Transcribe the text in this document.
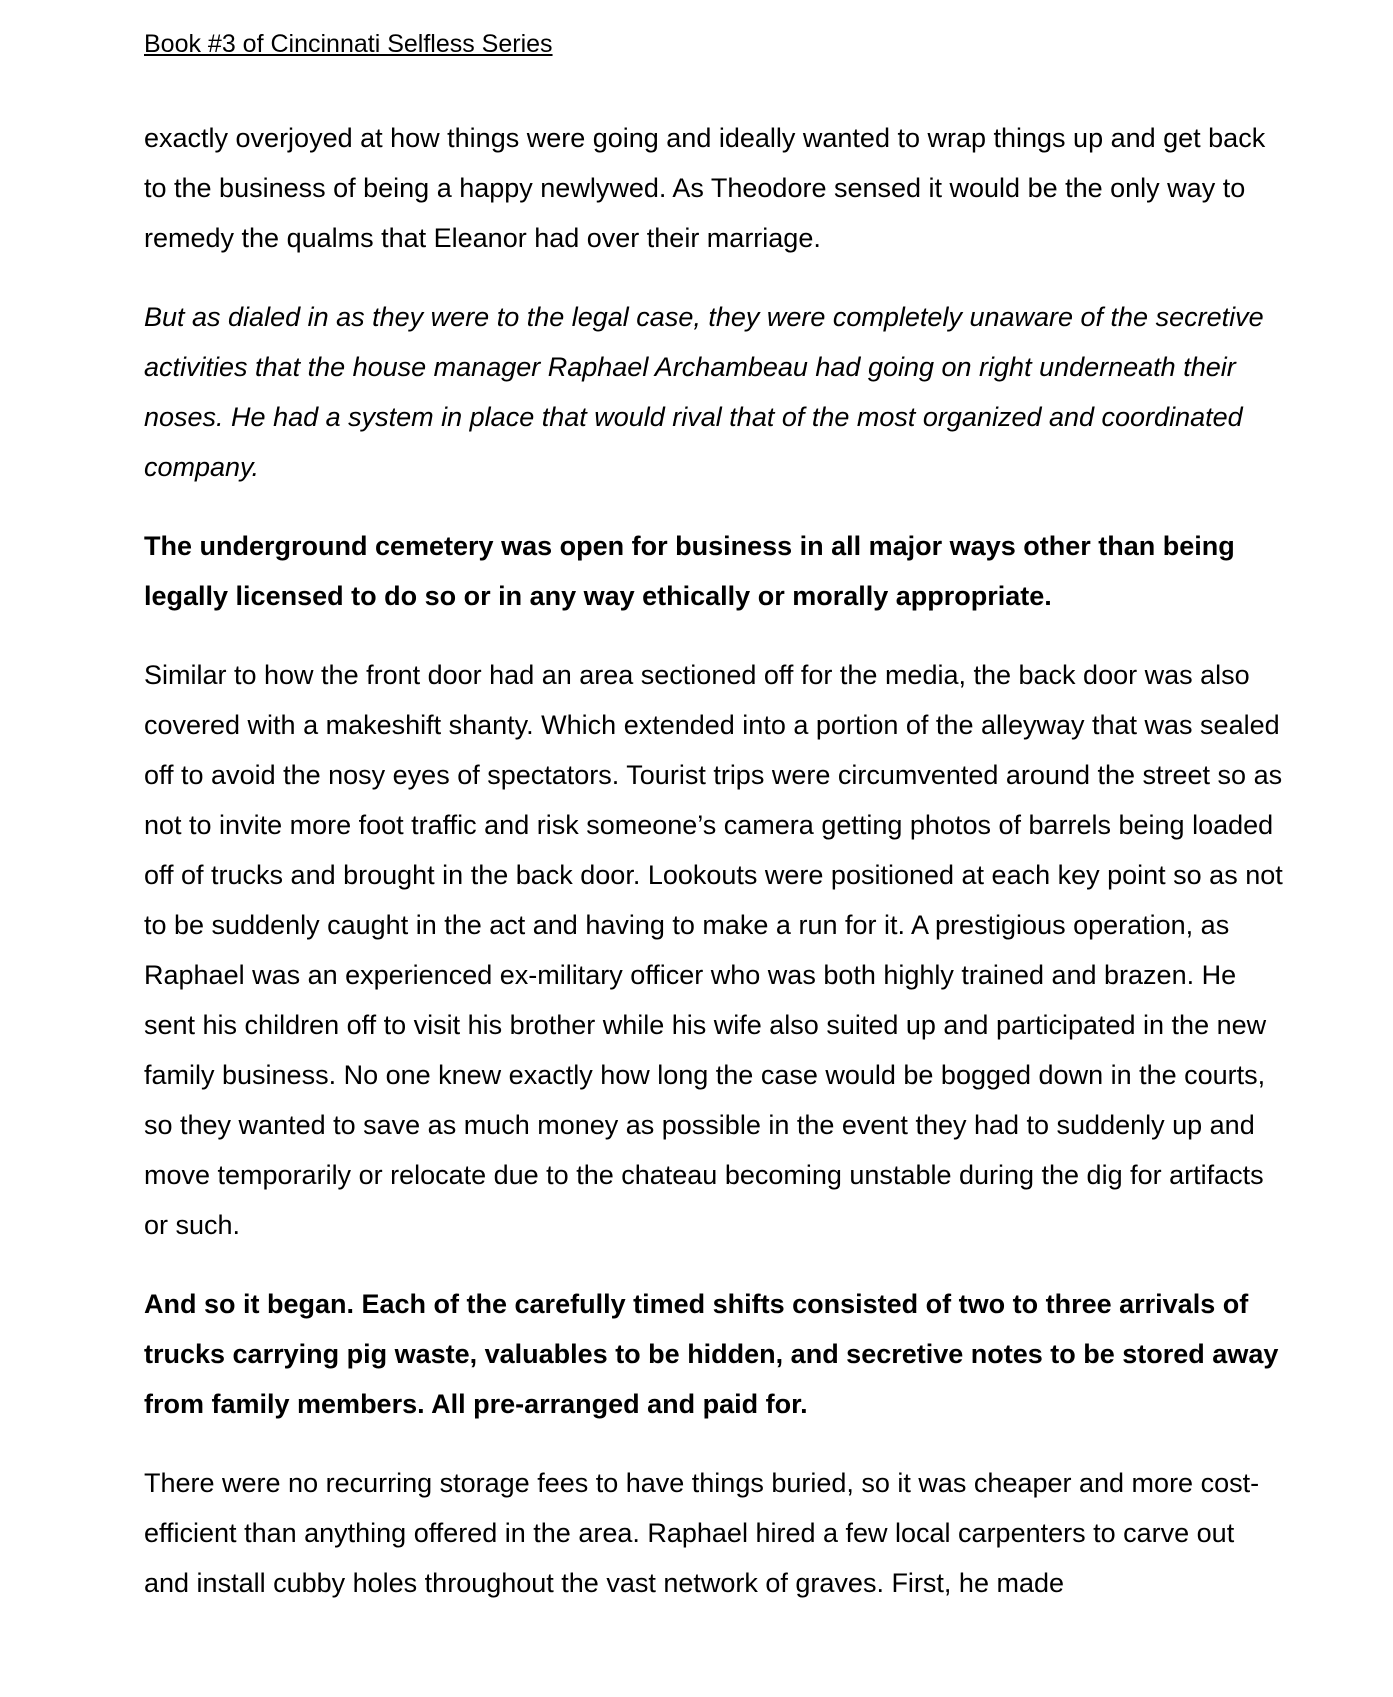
Book #3 of Cincinnati Selfless Series

exactly overjoyed at how things were going and ideally wanted to wrap things up and get back to the business of being a happy newlywed. As Theodore sensed it would be the only way to remedy the qualms that Eleanor had over their marriage.

But as dialed in as they were to the legal case, they were completely unaware of the secretive activities that the house manager Raphael Archambeau had going on right underneath their noses. He had a system in place that would rival that of the most organized and coordinated company.

The underground cemetery was open for business in all major ways other than being legally licensed to do so or in any way ethically or morally appropriate.

Similar to how the front door had an area sectioned off for the media, the back door was also covered with a makeshift shanty. Which extended into a portion of the alleyway that was sealed off to avoid the nosy eyes of spectators. Tourist trips were circumvented around the street so as not to invite more foot traffic and risk someone’s camera getting photos of barrels being loaded off of trucks and brought in the back door. Lookouts were positioned at each key point so as not to be suddenly caught in the act and having to make a run for it. A prestigious operation, as Raphael was an experienced ex-military officer who was both highly trained and brazen. He sent his children off to visit his brother while his wife also suited up and participated in the new family business. No one knew exactly how long the case would be bogged down in the courts, so they wanted to save as much money as possible in the event they had to suddenly up and move temporarily or relocate due to the chateau becoming unstable during the dig for artifacts or such.

And so it began. Each of the carefully timed shifts consisted of two to three arrivals of trucks carrying pig waste, valuables to be hidden, and secretive notes to be stored away from family members. All pre-arranged and paid for.

There were no recurring storage fees to have things buried, so it was cheaper and more cost-efficient than anything offered in the area. Raphael hired a few local carpenters to carve out and install cubby holes throughout the vast network of graves. First, he made
